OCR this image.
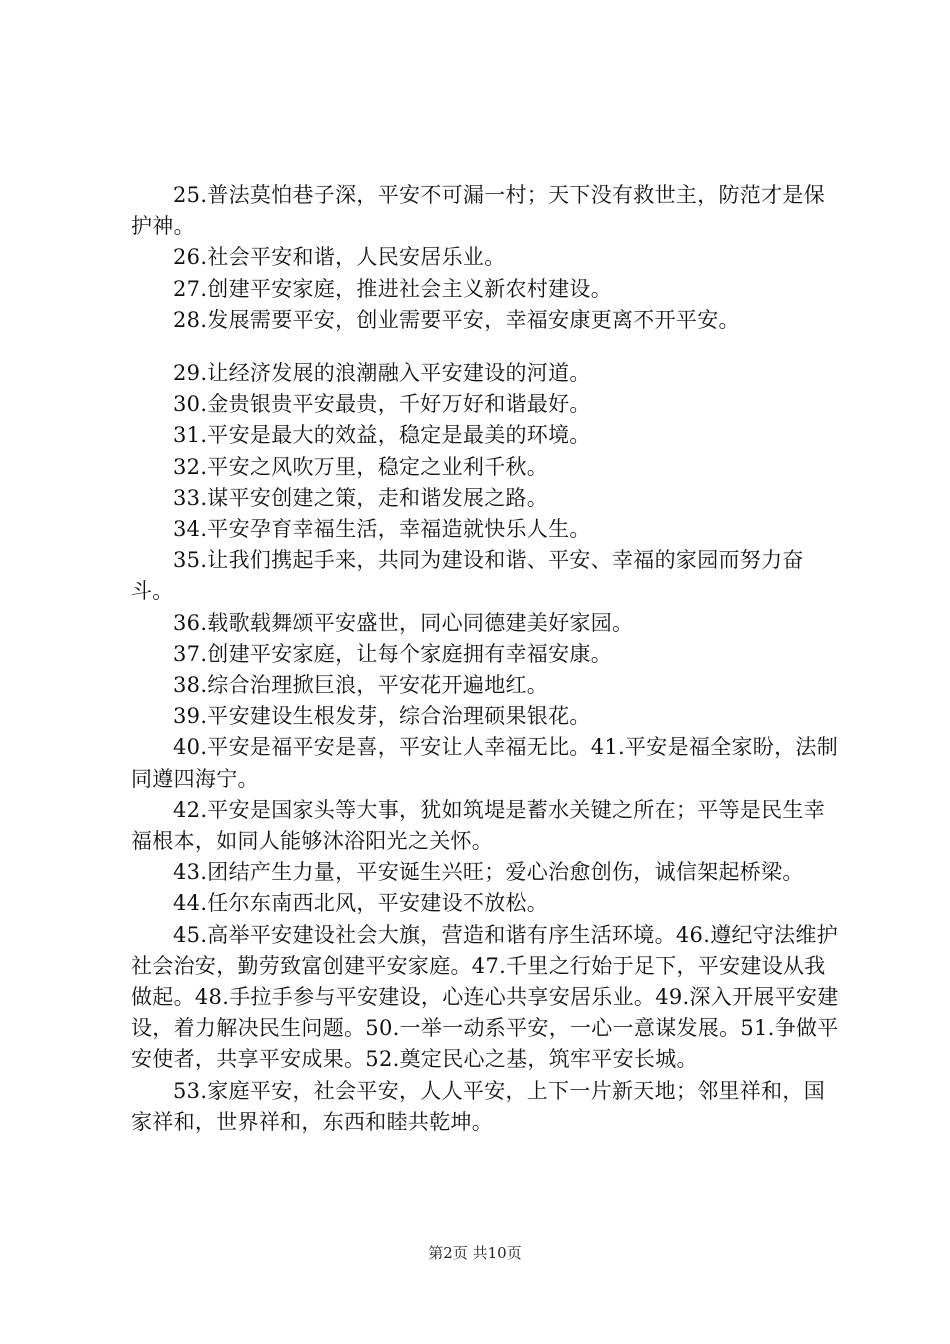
25.普法莫怕巷子深，平安不可漏一村；天下没有救世主，防范才是保护神。

26.社会平安和谐，人民安居乐业。

27.创建平安家庭，推进社会主义新农村建设。

28.发展需要平安，创业需要平安，幸福安康更离不开平安。

29.让经济发展的浪潮融入平安建设的河道。

30.金贵银贵平安最贵，千好万好和谐最好。

31.平安是最大的效益，稳定是最美的环境。

32.平安之风吹万里，稳定之业利千秋。

33.谋平安创建之策，走和谐发展之路。

34.平安孕育幸福生活，幸福造就快乐人生。

35.让我们携起手来，共同为建设和谐、平安、幸福的家园而努力奋斗。

36.载歌载舞颂平安盛世，同心同德建美好家园。

37.创建平安家庭，让每个家庭拥有幸福安康。

38.综合治理掀巨浪，平安花开遍地红。

39.平安建设生根发芽，综合治理硕果银花。

40.平安是福平安是喜，平安让人幸福无比。41.平安是福全家盼，法制同遵四海宁。

42.平安是国家头等大事，犹如筑堤是蓄水关键之所在；平等是民生幸福根本，如同人能够沐浴阳光之关怀。

43.团结产生力量，平安诞生兴旺；爱心治愈创伤，诚信架起桥梁。

44.任尔东南西北风，平安建设不放松。

45.高举平安建设社会大旗，营造和谐有序生活环境。46.遵纪守法维护社会治安，勤劳致富创建平安家庭。47.千里之行始于足下，平安建设从我做起。48.手拉手参与平安建设，心连心共享安居乐业。49.深入开展平安建设，着力解决民生问题。50.一举一动系平安，一心一意谋发展。51.争做平安使者，共享平安成果。52.奠定民心之基，筑牢平安长城。

53.家庭平安，社会平安，人人平安，上下一片新天地；邻里祥和，国家祥和，世界祥和，东西和睦共乾坤。

第2页 共10页
